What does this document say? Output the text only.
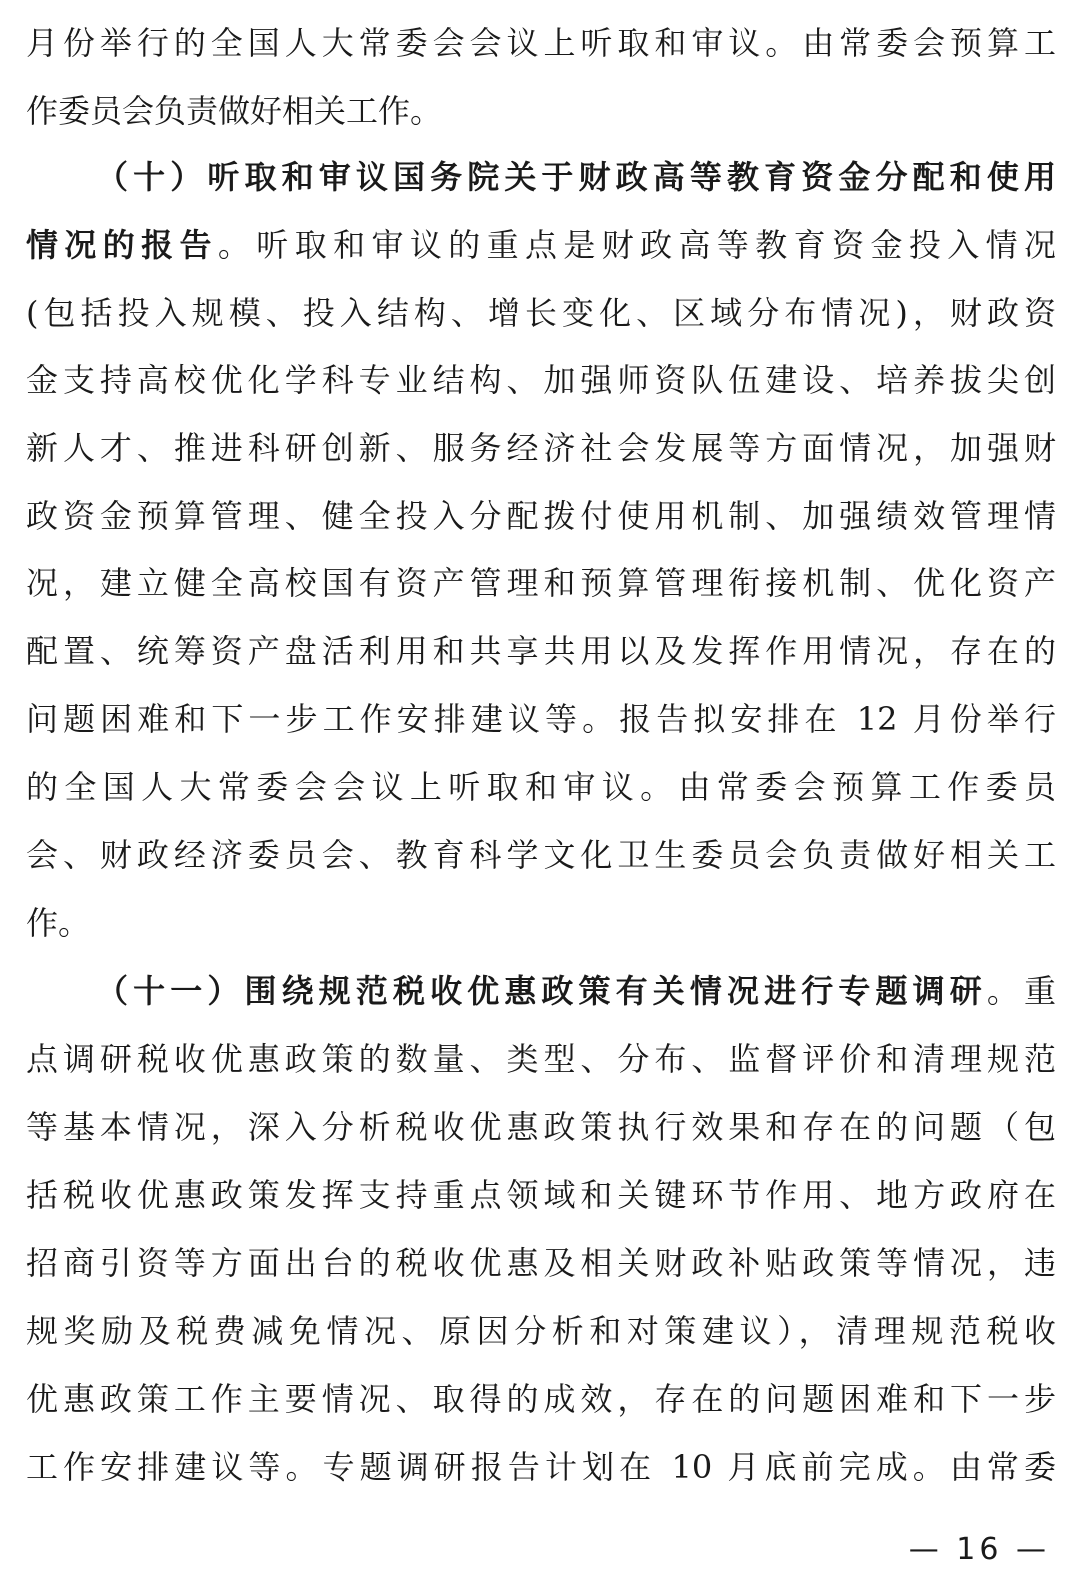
月份举行的全国人大常委会会议上听取和审议。由常委会预算工
作委员会负责做好相关工作。
（十）听取和审议国务院关于财政高等教育资金分配和使用
情况的报告。听取和审议的重点是财政高等教育资金投入情况
(包括投入规模、投入结构、增长变化、区域分布情况)，财政资
金支持高校优化学科专业结构、加强师资队伍建设、培养拔尖创
新人才、推进科研创新、服务经济社会发展等方面情况，加强财
政资金预算管理、健全投入分配拨付使用机制、加强绩效管理情
况，建立健全高校国有资产管理和预算管理衔接机制、优化资产
配置、统筹资产盘活利用和共享共用以及发挥作用情况，存在的
问题困难和下一步工作安排建议等。报告拟安排在 12 月份举行
的全国人大常委会会议上听取和审议。由常委会预算工作委员
会、财政经济委员会、教育科学文化卫生委员会负责做好相关工
作。
（十一）围绕规范税收优惠政策有关情况进行专题调研。重
点调研税收优惠政策的数量、类型、分布、监督评价和清理规范
等基本情况，深入分析税收优惠政策执行效果和存在的问题（包
括税收优惠政策发挥支持重点领域和关键环节作用、地方政府在
招商引资等方面出台的税收优惠及相关财政补贴政策等情况，违
规奖励及税费减免情况、原因分析和对策建议），清理规范税收
优惠政策工作主要情况、取得的成效，存在的问题困难和下一步
工作安排建议等。专题调研报告计划在 10 月底前完成。由常委
— 16 —
